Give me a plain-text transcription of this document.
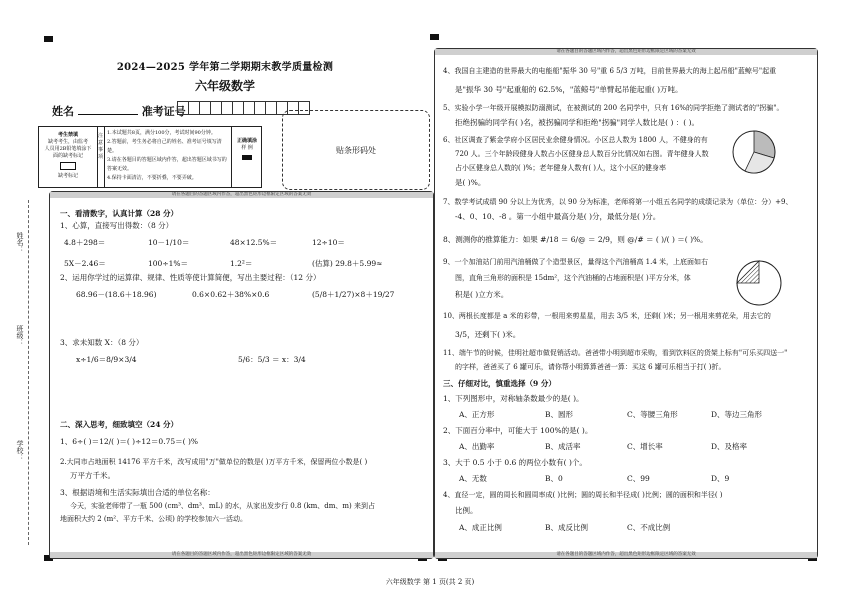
2024—2025 学年第二学期期末教学质量检测
六年级数学
姓名	准考证号
考生禁填
缺考考生，由监考
人员用2B铅笔填涂下
面的缺考标记
缺考标记
注意事项
1.本试题共8页，满分100分，考试时间90分钟。
2.答题前，考生务必将自己的姓名、准考证号填写清楚。
3.请在各题目的答题区域内作答，超出答题区域书写的答案无效。
4.保持卡面清洁，不要折叠，不要弄破。
正确填涂
样 例	贴条形码处
姓名：
班级：
学校：
请在各题目的答题区域内作答，超出黑色矩形边框限定区域的答案无效
一、看清数字，认真计算（28 分）
1、心算，直接写出得数：（8 分）
4.8＋298＝	10－1/10＝	48×12.5%＝	12÷10＝
5X－2.46＝	100÷1%＝	1.2²＝	(估算) 29.8＋5.99≈
2、运用你学过的运算律、规律、性质等使计算简便，写出主要过程：（12 分）
68.96－(18.6＋18.96)	0.6×0.62＋38%×0.6	(5/8＋1/27)×8＋19/27
3、求未知数 X：（8 分）
x÷1/6＝8/9×3/4	5/6：5/3 ＝ x：3/4
二、深入思考，细致填空（24 分）
1、6÷( )＝12/( )＝( )÷12＝0.75＝( )%
2.大同市占地面积 14176 平方千米，改写成用"万"做单位的数是( )万平方千米，保留两位小数是( )
万平方千米。
3、根据语境和生活实际填出合适的单位名称：
今天，实验老师带了一瓶 500 (cm³、dm³、mL) 的水，从家出发步行 0.8 (km、dm、m) 来到占
地面积大约 2 (m²、平方千米、公顷) 的学校参加六一活动。
请在各题目的答题区域内作答，超出黑色矩形边框限定区域的答案无效
请在各题目的答题区域内作答，超出黑色矩形边框限定区域的答案无效
4、我国自主建造的世界最大的电能船"振华 30 号"重 6 5/3 万吨，目前世界最大的海上起吊船"蓝鲸号"起重
是"振华 30 号"起重船的 62.5%，"蓝鲸号"单臂起吊能起重( )万吨。
5、实验小学一年级开展模拟防溺测试，在被测试的 200 名同学中，只有 16%的同学拒绝了测试者的"拐骗"。
拒绝拐骗的同学有( )名，被拐骗同学和拒绝"拐骗"同学人数比是( ) ：( )。
6、社区调查了紫金学府小区居民业余健身情况。小区总人数为 1800 人，不健身的有
720 人。三个年龄段健身人数占小区健身总人数百分比情况如右图。青年健身人数
占小区健身总人数的( )%；老年健身人数有( )人，这个小区的健身率
是( )%。
7、数学考试成绩 90 分以上为优秀，以 90 分为标准，老师将第一小组五名同学的成绩记录为（单位：分）+9、
-4、0、10、-8 。第一小组中最高分是( )分，最低分是( )分。
8、测测你的推算能力：如果 #/18 ＝ 6/@ ＝ 2/9，则 @/# ＝ ( )/( ) ＝( )%。
9、一个加油站门前用汽油桶做了个造型景区，量得这个汽油桶高 1.4 米，上底面如右
图，直角三角形的面积是 15dm²，这个汽油桶的占地面积是( )平方分米，体
积是( )立方米。
10、两根长度都是 a 米的彩带，一根用来剪星星，用去 3/5 米，还剩( )米；另一根用来剪花朵，用去它的
3/5，还剩下( )米。
11、端午节的时候，佳明社超市做促销活动。爸爸带小明到超市采购，看到饮料区的货架上标有"可乐买四送一"
的字样，爸爸买了 6 罐可乐，请你帮小明算算爸爸一算：买这 6 罐可乐相当于打( )折。
三、仔细对比，慎重选择（9 分）
1、下列图形中，对称轴条数最少的是( )。
A、正方形	B、圆形	C、等腰三角形	D、等边三角形
2、下面百分率中，可能大于 100%的是( )。
A、出勤率	B、成活率	C、增长率	D、及格率
3、大于 0.5 小于 0.6 的两位小数有( )个。
A、无数	B、0	C、99	D、9
4、直径一定，圆的周长和圆周率成( )比例；圆的周长和半径成( )比例；圆的面积和半径( )
比例。
A、成正比例	B、成反比例	C、不成比例
请在各题目的答题区域内作答，超出黑色矩形边框限定区域的答案无效
六年级数学 第 1 页(共 2 页)
